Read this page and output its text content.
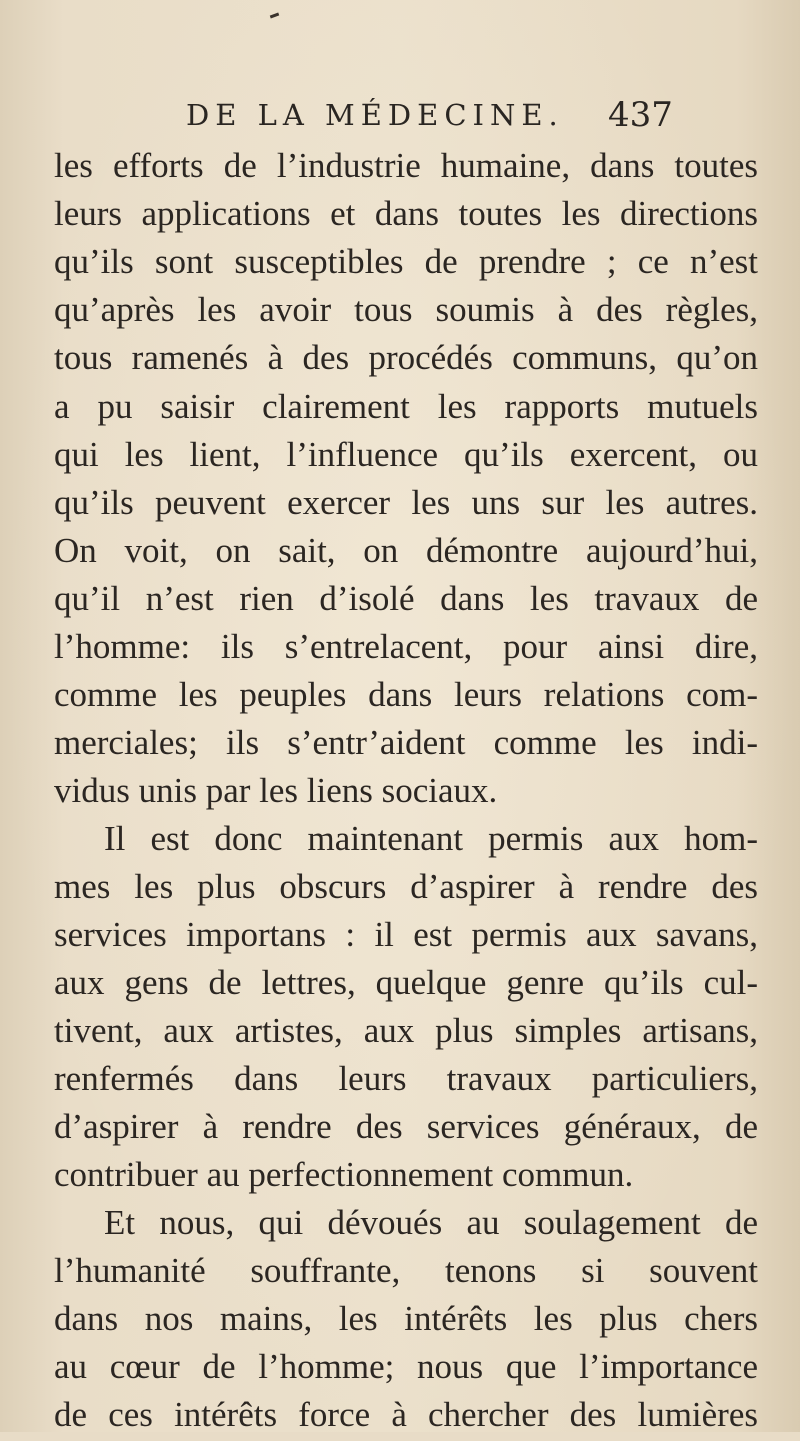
DE LA MÉDECINE. 437
les efforts de l’industrie humaine, dans toutes
leurs applications et dans toutes les directions
qu’ils sont susceptibles de prendre ; ce n’est
qu’après les avoir tous soumis à des règles,
tous ramenés à des procédés communs, qu’on
a pu saisir clairement les rapports mutuels
qui les lient, l’influence qu’ils exercent, ou
qu’ils peuvent exercer les uns sur les autres.
On voit, on sait, on démontre aujourd’hui,
qu’il n’est rien d’isolé dans les travaux de
l’homme: ils s’entrelacent, pour ainsi dire,
comme les peuples dans leurs relations com-
merciales; ils s’entr’aident comme les indi-
vidus unis par les liens sociaux.
Il est donc maintenant permis aux hom-
mes les plus obscurs d’aspirer à rendre des
services importans : il est permis aux savans,
aux gens de lettres, quelque genre qu’ils cul-
tivent, aux artistes, aux plus simples artisans,
renfermés dans leurs travaux particuliers,
d’aspirer à rendre des services généraux, de
contribuer au perfectionnement commun.
Et nous, qui dévoués au soulagement de
l’humanité souffrante, tenons si souvent
dans nos mains, les intérêts les plus chers
au cœur de l’homme; nous que l’importance
de ces intérêts force à chercher des lumières
